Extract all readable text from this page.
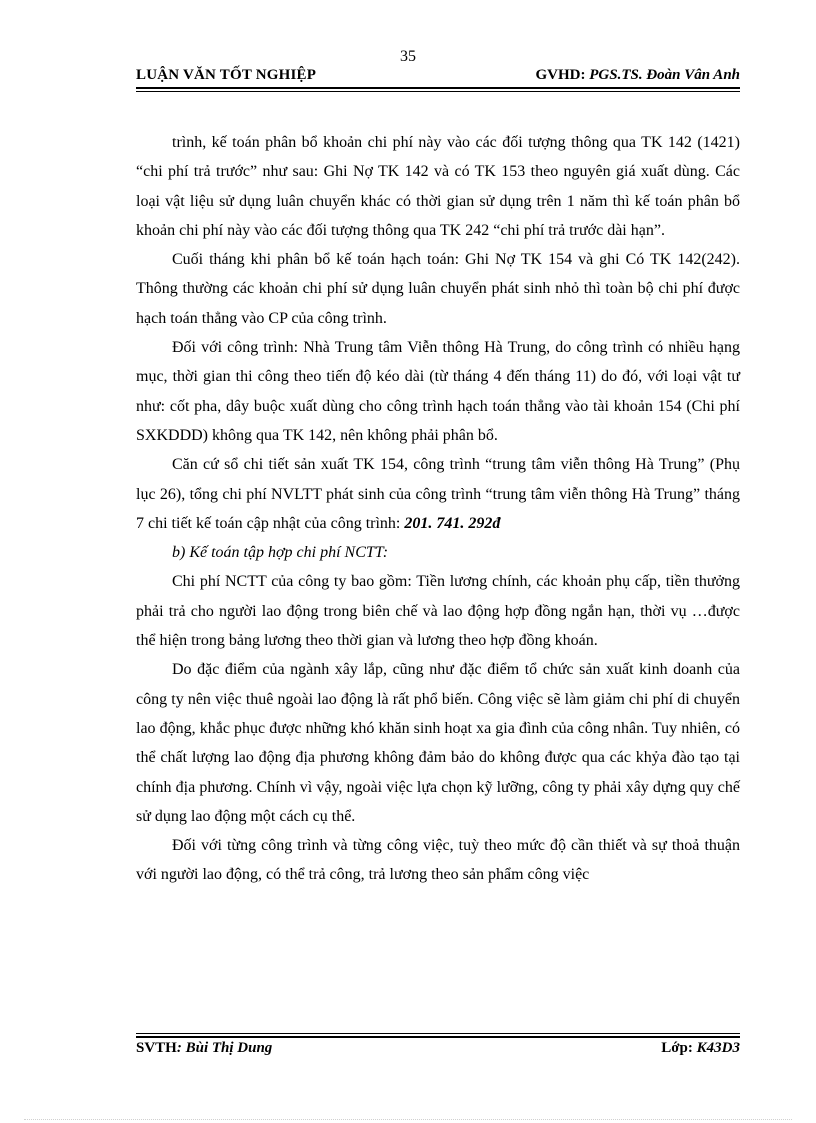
35
LUẬN VĂN TỐT NGHIỆP	GVHD: PGS.TS. Đoàn Vân Anh

trình, kế toán phân bổ khoản chi phí này vào các đối tượng thông qua TK 142 (1421) “chi phí trả trước” như sau: Ghi Nợ TK 142 và có TK 153 theo nguyên giá xuất dùng. Các loại vật liệu sử dụng luân chuyển khác có thời gian sử dụng trên 1 năm thì kế toán phân bổ khoản chi phí này vào các đối tượng thông qua TK 242 “chi phí trả trước dài hạn”.

Cuối tháng khi phân bổ kế toán hạch toán: Ghi Nợ TK 154 và ghi Có TK 142(242). Thông thường các khoản chi phí sử dụng luân chuyển phát sinh nhỏ thì toàn bộ chi phí được hạch toán thẳng vào CP của công trình.

Đối với công trình: Nhà Trung tâm Viễn thông Hà Trung, do công trình có nhiều hạng mục, thời gian thi công theo tiến độ kéo dài (từ tháng 4 đến tháng 11) do đó, với loại vật tư như: cốt pha, dây buộc xuất dùng cho công trình hạch toán thẳng vào tài khoản 154 (Chi phí SXKDDD) không qua TK 142, nên không phải phân bổ.

Căn cứ sổ chi tiết sản xuất TK 154, công trình “trung tâm viễn thông Hà Trung” (Phụ lục 26), tổng chi phí NVLTT phát sinh của công trình “trung tâm viễn thông Hà Trung” tháng 7 chi tiết kế toán cập nhật của công trình: 201. 741. 292đ

b) Kế toán tập hợp chi phí NCTT:

Chi phí NCTT của công ty bao gồm: Tiền lương chính, các khoản phụ cấp, tiền thưởng phải trả cho người lao động trong biên chế và lao động hợp đồng ngắn hạn, thời vụ …được thể hiện trong bảng lương theo thời gian và lương theo hợp đồng khoán.

Do đặc điểm của ngành xây lắp, cũng như đặc điểm tổ chức sản xuất kinh doanh của công ty nên việc thuê ngoài lao động là rất phổ biến. Công việc sẽ làm giảm chi phí di chuyển lao động, khắc phục được những khó khăn sinh hoạt xa gia đình của công nhân. Tuy nhiên, có thể chất lượng lao động địa phương không đảm bảo do không được qua các khỷa đào tạo tại chính địa phương. Chính vì vậy, ngoài việc lựa chọn kỹ lưỡng, công ty phải xây dựng quy chế sử dụng lao động một cách cụ thể.

Đối với từng công trình và từng công việc, tuỳ theo mức độ cần thiết và sự thoả thuận với người lao động, có thể trả công, trả lương theo sản phẩm công việc

SVTH: Bùi Thị Dung	Lớp: K43D3
